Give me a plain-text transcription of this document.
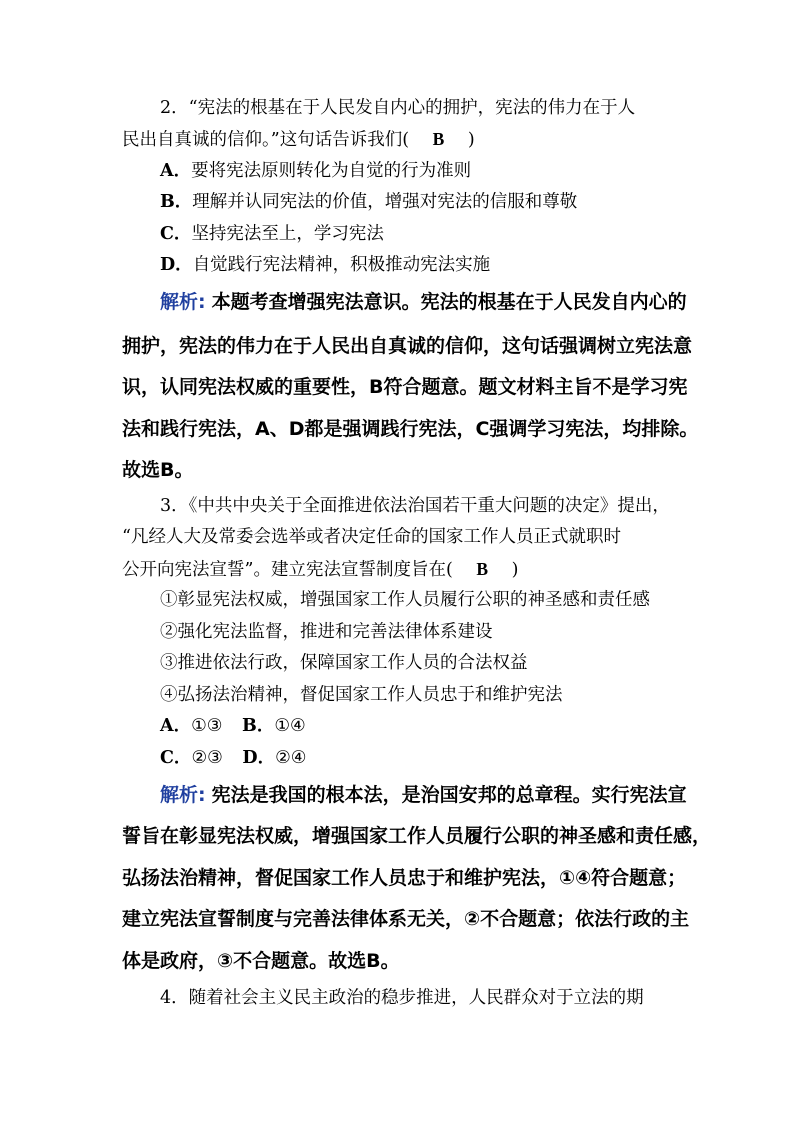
2．“宪法的根基在于人民发自内心的拥护，宪法的伟力在于人
民出自真诚的信仰。”这句话告诉我们( B )
A．要将宪法原则转化为自觉的行为准则
B．理解并认同宪法的价值，增强对宪法的信服和尊敬
C．坚持宪法至上，学习宪法
D．自觉践行宪法精神，积极推动宪法实施
解析: 本题考查增强宪法意识。宪法的根基在于人民发自内心的
拥护，宪法的伟力在于人民出自真诚的信仰，这句话强调树立宪法意
识，认同宪法权威的重要性，B符合题意。题文材料主旨不是学习宪
法和践行宪法，A、D都是强调践行宪法，C强调学习宪法，均排除。
故选B。
3．《中共中央关于全面推进依法治国若干重大问题的决定》提出，
“凡经人大及常委会选举或者决定任命的国家工作人员正式就职时
公开向宪法宣誓”。建立宪法宣誓制度旨在( B )
①彰显宪法权威，增强国家工作人员履行公职的神圣感和责任感
②强化宪法监督，推进和完善法律体系建设
③推进依法行政，保障国家工作人员的合法权益
④弘扬法治精神，督促国家工作人员忠于和维护宪法
A．①③ B．①④
C．②③ D．②④
解析: 宪法是我国的根本法，是治国安邦的总章程。实行宪法宣
誓旨在彰显宪法权威，增强国家工作人员履行公职的神圣感和责任感，
弘扬法治精神，督促国家工作人员忠于和维护宪法，①④符合题意；
建立宪法宣誓制度与完善法律体系无关，②不合题意；依法行政的主
体是政府，③不合题意。故选B。
4．随着社会主义民主政治的稳步推进，人民群众对于立法的期
